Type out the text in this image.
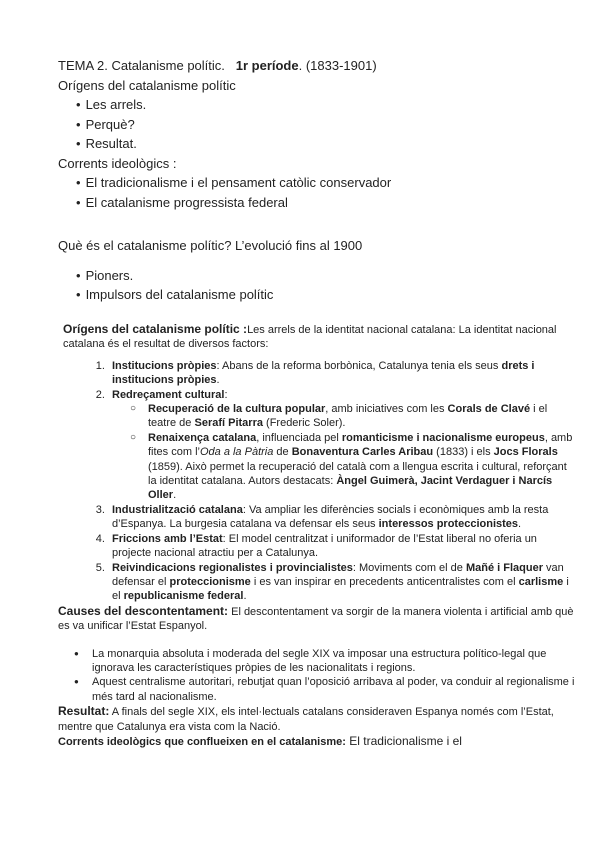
TEMA 2. Catalanisme polític. 1r període. (1833-1901)

Orígens del catalanisme polític

• Les arrels.
• Perquè?
• Resultat.

Corrents ideològics :

• El tradicionalisme i el pensament catòlic conservador
• El catalanisme progressista federal

Què és el catalanisme polític? L’evolució fins al 1900

• Pioners.
• Impulsors del catalanisme polític

Orígens del catalanisme polític :Les arrels de la identitat nacional catalana: La identitat nacional catalana és el resultat de diversos factors:

1. Institucions pròpies: Abans de la reforma borbònica, Catalunya tenia els seus drets i institucions pròpies.
2. Redreçament cultural:
○ Recuperació de la cultura popular, amb iniciatives com les Corals de Clavé i el teatre de Serafí Pitarra (Frederic Soler).
○ Renaixença catalana, influenciada pel romanticisme i nacionalisme europeus, amb fites com l’Oda a la Pàtria de Bonaventura Carles Aribau (1833) i els Jocs Florals (1859). Això permet la recuperació del català com a llengua escrita i cultural, reforçant la identitat catalana. Autors destacats: Àngel Guimerà, Jacint Verdaguer i Narcís Oller.
3. Industrialització catalana: Va ampliar les diferències socials i econòmiques amb la resta d’Espanya. La burgesia catalana va defensar els seus interessos proteccionistes.
4. Friccions amb l’Estat: El model centralitzat i uniformador de l’Estat liberal no oferia un projecte nacional atractiu per a Catalunya.
5. Reivindicacions regionalistes i provincialistes: Moviments com el de Mañé i Flaquer van defensar el proteccionisme i es van inspirar en precedents anticentralistes com el carlisme i el republicanisme federal.

Causes del descontentament: El descontentament va sorgir de la manera violenta i artificial amb què es va unificar l’Estat Espanyol.

● La monarquia absoluta i moderada del segle XIX va imposar una estructura político-legal que ignorava les característiques pròpies de les nacionalitats i regions.
● Aquest centralisme autoritari, rebutjat quan l’oposició arribava al poder, va conduir al regionalisme i més tard al nacionalisme.

Resultat: A finals del segle XIX, els intel·lectuals catalans consideraven Espanya només com l’Estat, mentre que Catalunya era vista com la Nació.

Corrents ideològics que conflueixen en el catalanisme: El tradicionalisme i el
